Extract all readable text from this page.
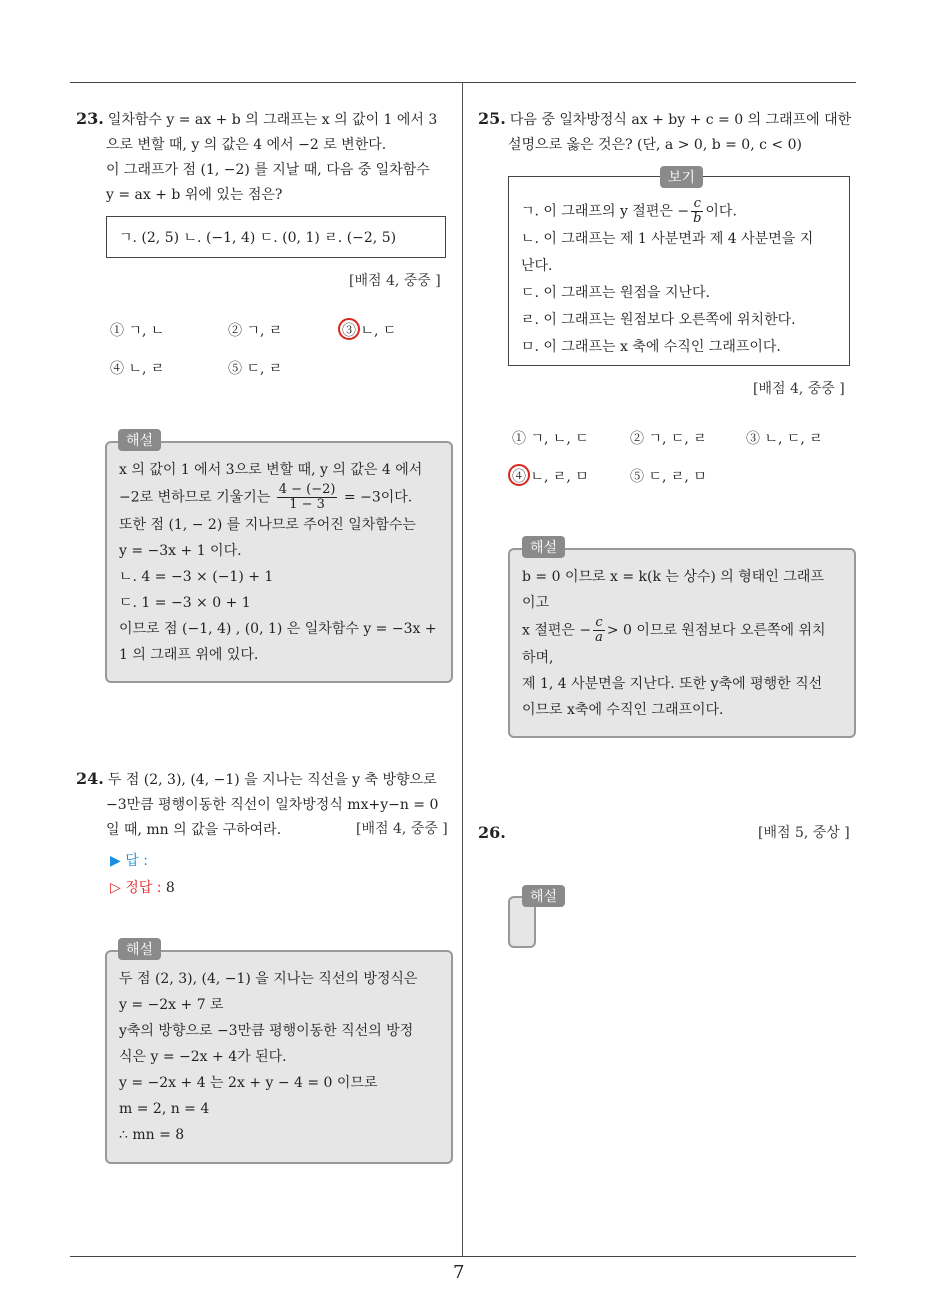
7
23. 일차함수 y = ax + b 의 그래프는 x 의 값이 1 에서 3
으로 변할 때, y 의 값은 4 에서 −2 로 변한다.
이 그래프가 점 (1, −2) 를 지날 때, 다음 중 일차함수
y = ax + b 위에 있는 점은?
ㄱ. (2, 5) ㄴ. (−1, 4) ㄷ. (0, 1) ㄹ. (−2, 5)
[배점 4, 중중 ]
① ㄱ, ㄴ	② ㄱ, ㄹ	③ ㄴ, ㄷ
④ ㄴ, ㄹ	⑤ ㄷ, ㄹ
x 의 값이 1 에서 3으로 변할 때, y 의 값은 4 에서
−2로 변하므로 기울기는 $\frac{4 - (-2)}{1 - 3} = -3$이다.
또한 점 (1, − 2) 를 지나므로 주어진 일차함수는
y = −3x + 1 이다.
ㄴ. 4 = −3 × (−1) + 1
ㄷ. 1 = −3 × 0 + 1
이므로 점 (−1, 4) , (0, 1) 은 일차함수 y = −3x +
1 의 그래프 위에 있다.
해설
24. 두 점 (2, 3), (4, −1) 을 지나는 직선을 y 축 방향으로
−3만큼 평행이동한 직선이 일차방정식 mx+y−n = 0
일 때, mn 의 값을 구하여라.	[배점 4, 중중 ]
▶ 답 :
▷ 정답 : 8
두 점 (2, 3), (4, −1) 을 지나는 직선의 방정식은
y = −2x + 7 로
y축의 방향으로 −3만큼 평행이동한 직선의 방정
식은 y = −2x + 4가 된다.
y = −2x + 4 는 2x + y − 4 = 0 이므로
m = 2, n = 4
∴ mn = 8
해설
25. 다음 중 일차방정식 ax + by + c = 0 의 그래프에 대한
설명으로 옳은 것은? (단, a > 0, b = 0, c < 0)
ㄱ. 이 그래프의 y 절편은 − $\frac{c}{b}$ 이다.
ㄴ. 이 그래프는 제 1 사분면과 제 4 사분면을 지
난다.
ㄷ. 이 그래프는 원점을 지난다.
ㄹ. 이 그래프는 원점보다 오른쪽에 위치한다.
ㅁ. 이 그래프는 x 축에 수직인 그래프이다.
보기
[배점 4, 중중 ]
① ㄱ, ㄴ, ㄷ	② ㄱ, ㄷ, ㄹ	③ ㄴ, ㄷ, ㄹ
④ ㄴ, ㄹ, ㅁ	⑤ ㄷ, ㄹ, ㅁ
b = 0 이므로 x = k(k 는 상수) 의 형태인 그래프
이고
x 절편은 − $\frac{c}{a} > 0$ 이므로 원점보다 오른쪽에 위치
하며,
제 1, 4 사분면을 지난다. 또한 y축에 평행한 직선
이므로 x축에 수직인 그래프이다.
해설
26.	[배점 5, 중상 ]
해설
